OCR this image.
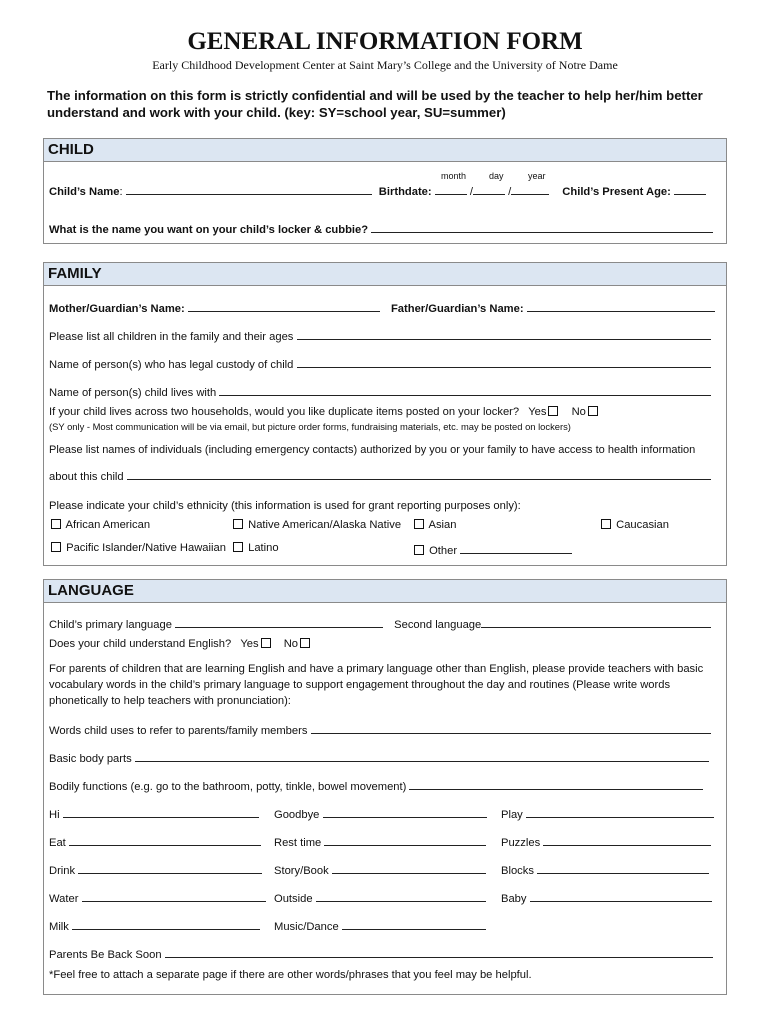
GENERAL INFORMATION FORM
Early Childhood Development Center at Saint Mary’s College and the University of Notre Dame
The information on this form is strictly confidential and will be used by the teacher to help her/him better understand and work with your child. (key: SY=school year, SU=summer)
CHILD
month	day	year
Child’s Name:	Birthdate:	/	/	Child’s Present Age:
What is the name you want on your child’s locker & cubbie?
FAMILY
Mother/Guardian’s Name:	Father/Guardian’s Name:
Please list all children in the family and their ages
Name of person(s) who has legal custody of child
Name of person(s) child lives with
If your child lives across two households, would you like duplicate items posted on your locker? Yes No
(SY only - Most communication will be via email, but picture order forms, fundraising materials, etc. may be posted on lockers)
Please list names of individuals (including emergency contacts) authorized by you or your family to have access to health information
about this child
Please indicate your child’s ethnicity (this information is used for grant reporting purposes only):
African American	Native American/Alaska Native	Asian	Caucasian
Pacific Islander/Native Hawaiian	Latino	Other
LANGUAGE
Child’s primary language	Second language
Does your child understand English? Yes No
For parents of children that are learning English and have a primary language other than English, please provide teachers with basic vocabulary words in the child’s primary language to support engagement throughout the day and routines (Please write words phonetically to help teachers with pronunciation):
Words child uses to refer to parents/family members
Basic body parts
Bodily functions (e.g. go to the bathroom, potty, tinkle, bowel movement)
Hi	Goodbye	Play
Eat	Rest time	Puzzles
Drink	Story/Book	Blocks
Water	Outside	Baby
Milk	Music/Dance
Parents Be Back Soon
*Feel free to attach a separate page if there are other words/phrases that you feel may be helpful.
